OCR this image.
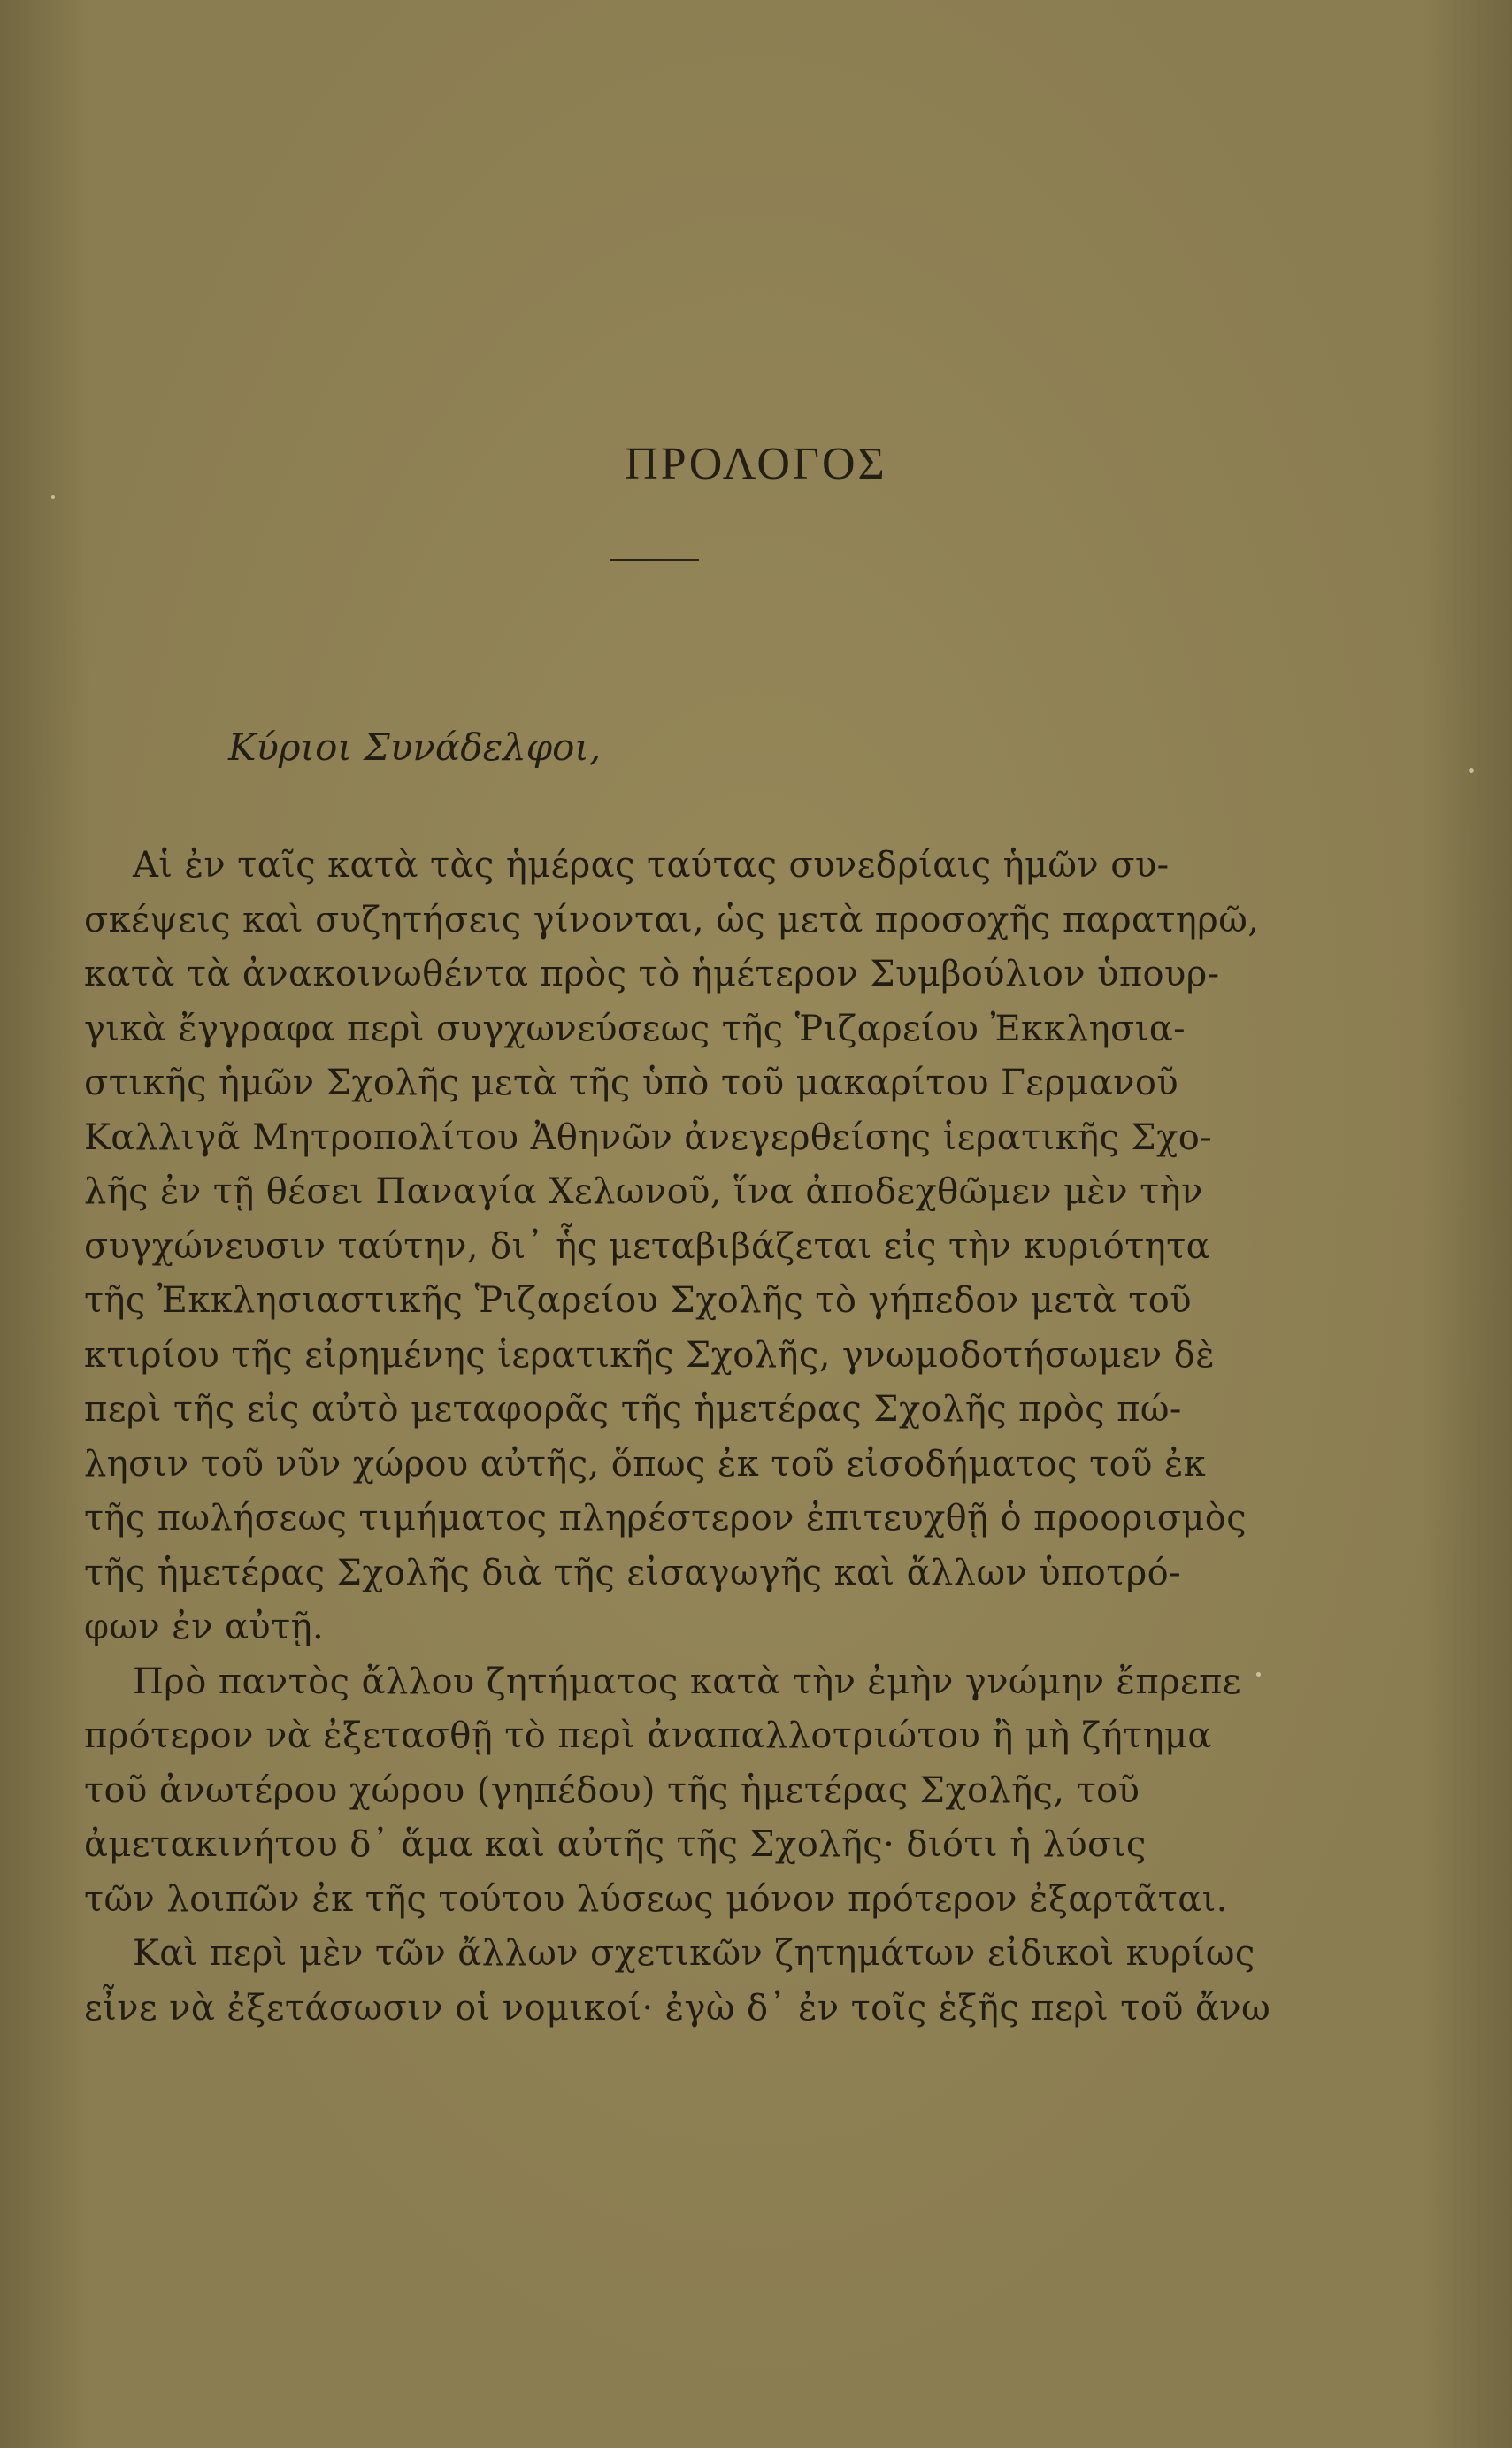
ΠΡΟΛΟΓΟΣ
Κύριοι Συνάδελφοι,
Αἱ ἐν ταῖς κατὰ τὰς ἡμέρας ταύτας συνεδρίαις ἡμῶν συ-
σκέψεις καὶ συζητήσεις γίνονται, ὡς μετὰ προσοχῆς παρατηρῶ,
κατὰ τὰ ἀνακοινωθέντα πρὸς τὸ ἡμέτερον Συμβούλιον ὑπουρ-
γικὰ ἔγγραφα περὶ συγχωνεύσεως τῆς Ῥιζαρείου Ἐκκλησια-
στικῆς ἡμῶν Σχολῆς μετὰ τῆς ὑπὸ τοῦ μακαρίτου Γερμανοῦ
Καλλιγᾶ Μητροπολίτου Ἀθηνῶν ἀνεγερθείσης ἱερατικῆς Σχο-
λῆς ἐν τῇ θέσει Παναγία Χελωνοῦ, ἵνα ἀποδεχθῶμεν μὲν τὴν
συγχώνευσιν ταύτην, δι᾿ ἧς μεταβιβάζεται εἰς τὴν κυριότητα
τῆς Ἐκκλησιαστικῆς Ῥιζαρείου Σχολῆς τὸ γήπεδον μετὰ τοῦ
κτιρίου τῆς εἰρημένης ἱερατικῆς Σχολῆς, γνωμοδοτήσωμεν δὲ
περὶ τῆς εἰς αὐτὸ μεταφορᾶς τῆς ἡμετέρας Σχολῆς πρὸς πώ-
λησιν τοῦ νῦν χώρου αὐτῆς, ὅπως ἐκ τοῦ εἰσοδήματος τοῦ ἐκ
τῆς πωλήσεως τιμήματος πληρέστερον ἐπιτευχθῇ ὁ προορισμὸς
τῆς ἡμετέρας Σχολῆς διὰ τῆς εἰσαγωγῆς καὶ ἄλλων ὑποτρό-
φων ἐν αὐτῇ.
Πρὸ παντὸς ἄλλου ζητήματος κατὰ τὴν ἐμὴν γνώμην ἔπρεπε
πρότερον νὰ ἐξετασθῇ τὸ περὶ ἀναπαλλοτριώτου ἢ μὴ ζήτημα
τοῦ ἀνωτέρου χώρου (γηπέδου) τῆς ἡμετέρας Σχολῆς, τοῦ
ἀμετακινήτου δ᾿ ἅμα καὶ αὐτῆς τῆς Σχολῆς· διότι ἡ λύσις
τῶν λοιπῶν ἐκ τῆς τούτου λύσεως μόνον πρότερον ἐξαρτᾶται.
Καὶ περὶ μὲν τῶν ἄλλων σχετικῶν ζητημάτων εἰδικοὶ κυρίως
εἶνε νὰ ἐξετάσωσιν οἱ νομικοί· ἐγὼ δ᾿ ἐν τοῖς ἑξῆς περὶ τοῦ ἄνω
